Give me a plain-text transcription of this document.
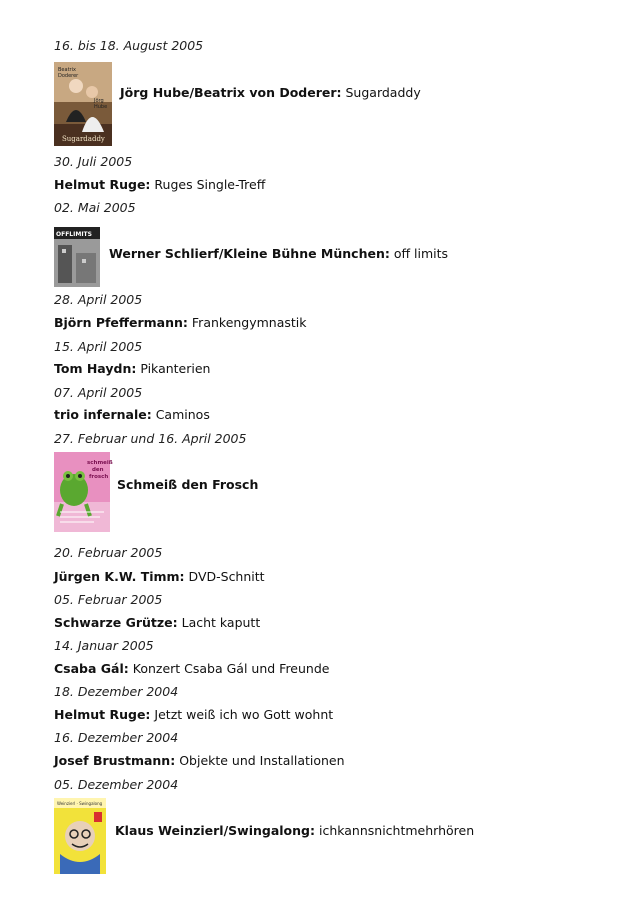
16. bis 18. August 2005
Beatrix
Doderer
Jörg
Hube
Sugardaddy
Jörg Hube/Beatrix von Doderer: Sugardaddy
30. Juli 2005
Helmut Ruge: Ruges Single-Treff
02. Mai 2005
OFFLIMITS
Werner Schlierf/Kleine Bühne München: off limits
28. April 2005
Björn Pfeffermann: Frankengymnastik
15. April 2005
Tom Haydn: Pikanterien
07. April 2005
trio infernale: Caminos
27. Februar und 16. April 2005
schmeiß
den
frosch Schmeiß den Frosch
20. Februar 2005
Jürgen K.W. Timm: DVD-Schnitt
05. Februar 2005
Schwarze Grütze: Lacht kaputt
14. Januar 2005
Csaba Gál: Konzert Csaba Gál und Freunde
18. Dezember 2004
Helmut Ruge: Jetzt weiß ich wo Gott wohnt
16. Dezember 2004
Josef Brustmann: Objekte und Installationen
05. Dezember 2004
Weinzierl · Swingalong
Klaus Weinzierl/Swingalong: ichkannsnichtmehrhören
